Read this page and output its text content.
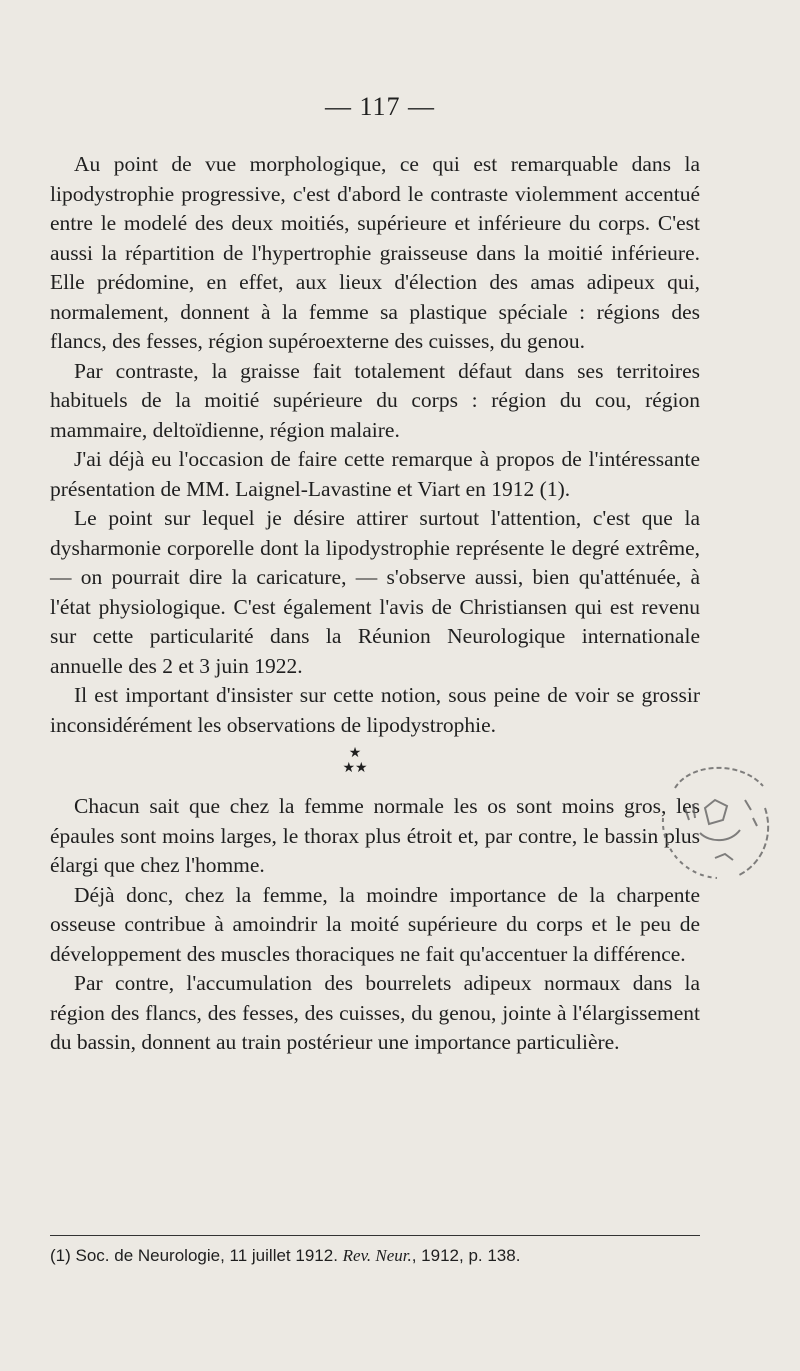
— 117 —

Au point de vue morphologique, ce qui est remarquable dans la lipodystrophie progressive, c'est d'abord le contraste violemment accentué entre le modelé des deux moitiés, supérieure et inférieure du corps. C'est aussi la répartition de l'hypertrophie graisseuse dans la moitié inférieure. Elle prédomine, en effet, aux lieux d'élection des amas adipeux qui, normalement, donnent à la femme sa plastique spéciale : régions des flancs, des fesses, région supéroexterne des cuisses, du genou.

Par contraste, la graisse fait totalement défaut dans ses territoires habituels de la moitié supérieure du corps : région du cou, région mammaire, deltoïdienne, région malaire.

J'ai déjà eu l'occasion de faire cette remarque à propos de l'intéressante présentation de MM. Laignel-Lavastine et Viart en 1912 (1).

Le point sur lequel je désire attirer surtout l'attention, c'est que la dysharmonie corporelle dont la lipodystrophie représente le degré extrême, — on pourrait dire la caricature, — s'observe aussi, bien qu'atténuée, à l'état physiologique. C'est également l'avis de Christiansen qui est revenu sur cette particularité dans la Réunion Neurologique internationale annuelle des 2 et 3 juin 1922.

Il est important d'insister sur cette notion, sous peine de voir se grossir inconsidérément les observations de lipodystrophie.

★
★★

Chacun sait que chez la femme normale les os sont moins gros, les épaules sont moins larges, le thorax plus étroit et, par contre, le bassin plus élargi que chez l'homme.

Déjà donc, chez la femme, la moindre importance de la charpente osseuse contribue à amoindrir la moité supérieure du corps et le peu de développement des muscles thoraciques ne fait qu'accentuer la différence.

Par contre, l'accumulation des bourrelets adipeux normaux dans la région des flancs, des fesses, des cuisses, du genou, jointe à l'élargissement du bassin, donnent au train postérieur une importance particulière.

(1) Soc. de Neurologie, 11 juillet 1912. Rev. Neur., 1912, p. 138.
